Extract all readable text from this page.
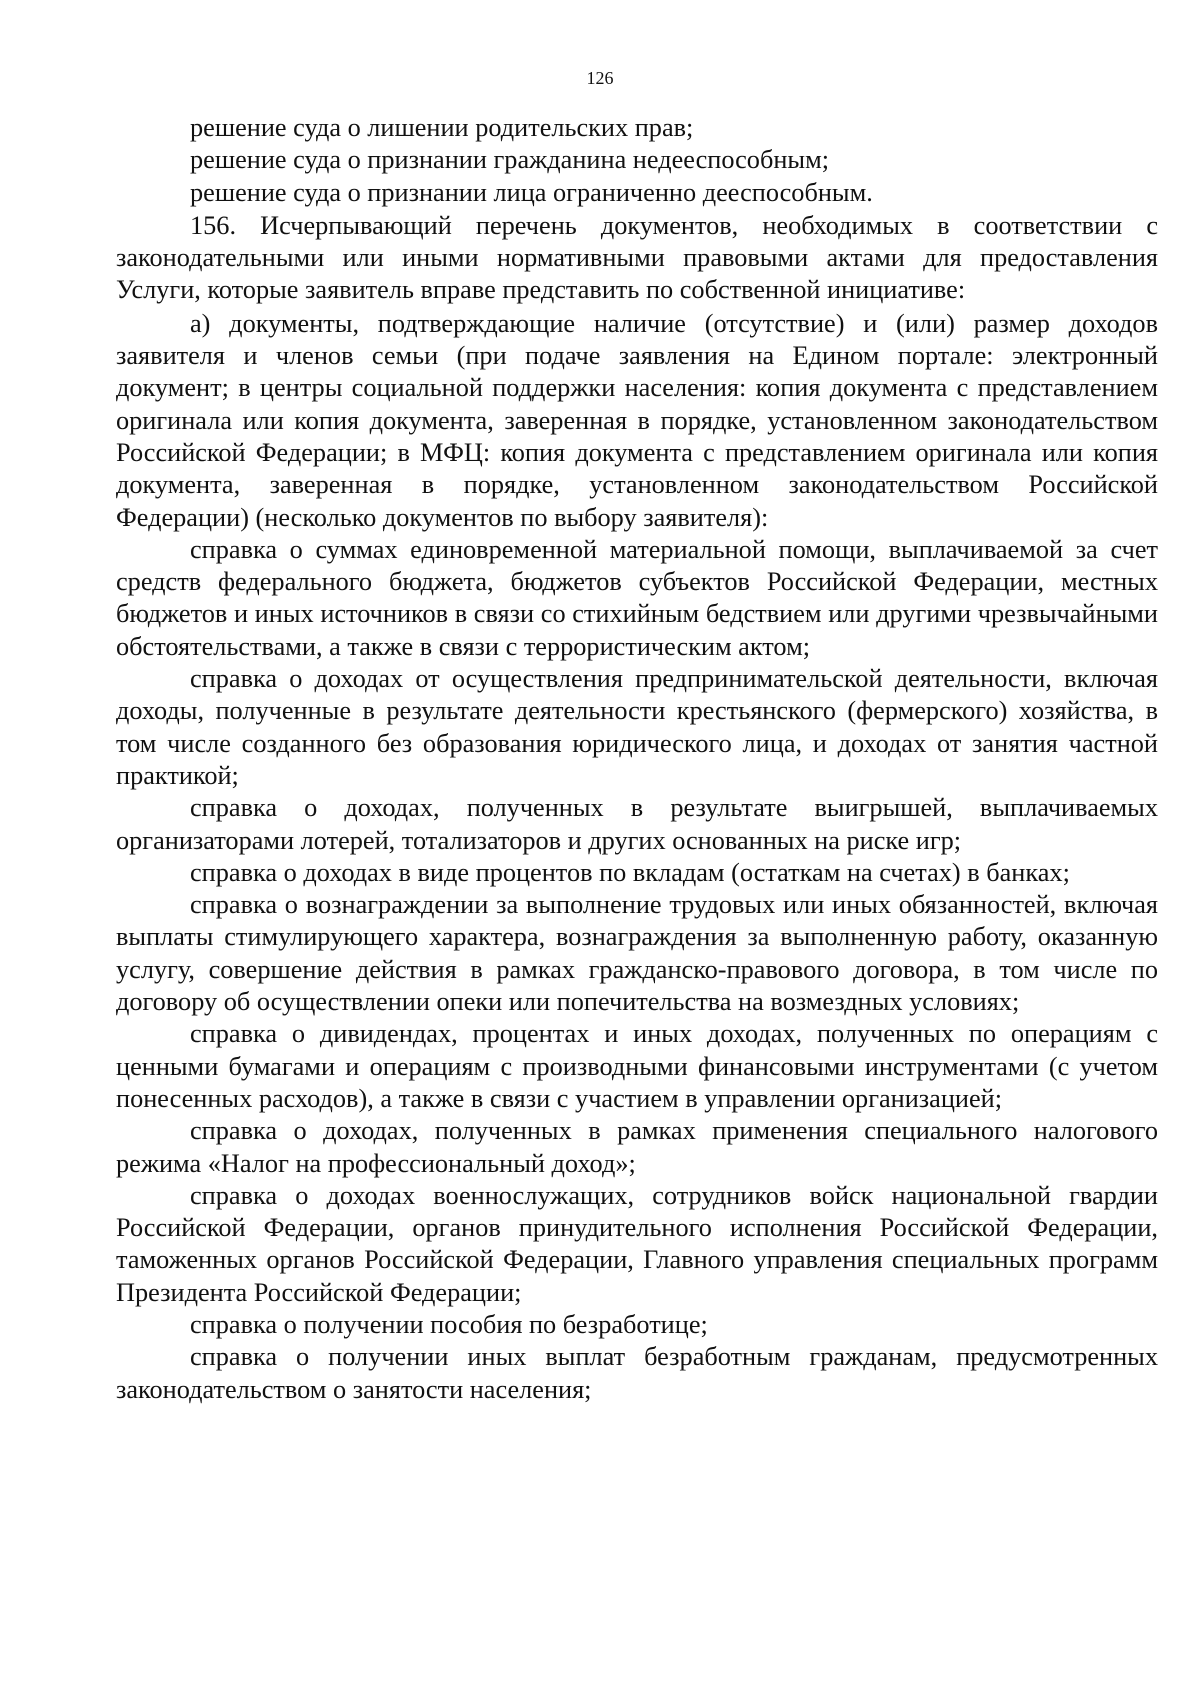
126

решение суда о лишении родительских прав;

решение суда о признании гражданина недееспособным;

решение суда о признании лица ограниченно дееспособным.

156. Исчерпывающий перечень документов, необходимых в соответствии с законодательными или иными нормативными правовыми актами для предоставления Услуги, которые заявитель вправе представить по собственной инициативе:

а) документы, подтверждающие наличие (отсутствие) и (или) размер доходов заявителя и членов семьи (при подаче заявления на Едином портале: электронный документ; в центры социальной поддержки населения: копия документа с представлением оригинала или копия документа, заверенная в порядке, установленном законодательством Российской Федерации; в МФЦ: копия документа с представлением оригинала или копия документа, заверенная в порядке, установленном законодательством Российской Федерации) (несколько документов по выбору заявителя):

справка о суммах единовременной материальной помощи, выплачиваемой за счет средств федерального бюджета, бюджетов субъектов Российской Федерации, местных бюджетов и иных источников в связи со стихийным бедствием или другими чрезвычайными обстоятельствами, а также в связи с террористическим актом;

справка о доходах от осуществления предпринимательской деятельности, включая доходы, полученные в результате деятельности крестьянского (фермерского) хозяйства, в том числе созданного без образования юридического лица, и доходах от занятия частной практикой;

справка о доходах, полученных в результате выигрышей, выплачиваемых организаторами лотерей, тотализаторов и других основанных на риске игр;

справка о доходах в виде процентов по вкладам (остаткам на счетах) в банках;

справка о вознаграждении за выполнение трудовых или иных обязанностей, включая выплаты стимулирующего характера, вознаграждения за выполненную работу, оказанную услугу, совершение действия в рамках гражданско-правового договора, в том числе по договору об осуществлении опеки или попечительства на возмездных условиях;

справка о дивидендах, процентах и иных доходах, полученных по операциям с ценными бумагами и операциям с производными финансовыми инструментами (с учетом понесенных расходов), а также в связи с участием в управлении организацией;

справка о доходах, полученных в рамках применения специального налогового режима «Налог на профессиональный доход»;

справка о доходах военнослужащих, сотрудников войск национальной гвардии Российской Федерации, органов принудительного исполнения Российской Федерации, таможенных органов Российской Федерации, Главного управления специальных программ Президента Российской Федерации;

справка о получении пособия по безработице;

справка о получении иных выплат безработным гражданам, предусмотренных законодательством о занятости населения;
